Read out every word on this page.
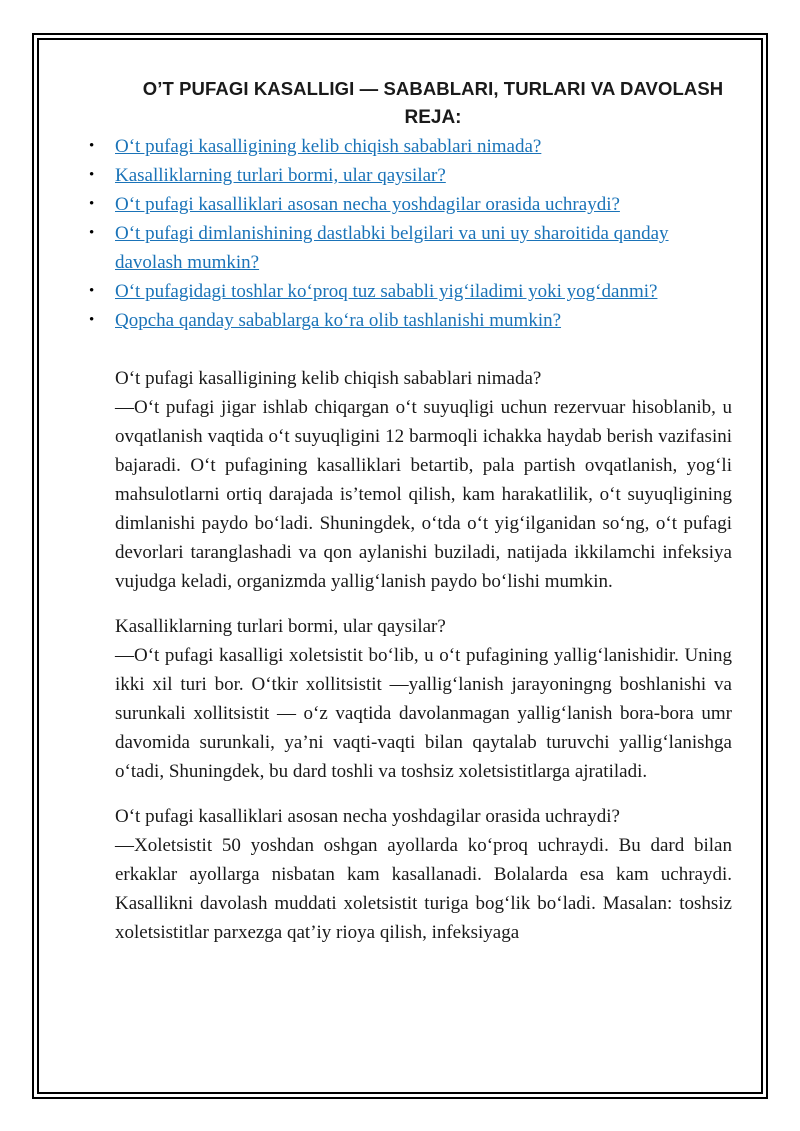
O’T PUFAGI KASALLIGI — SABABLARI, TURLARI VA DAVOLASH
REJA:
• O‘t pufagi kasalligining kelib chiqish sabablari nimada?
• Kasalliklarning turlari bormi, ular qaysilar?
• O‘t pufagi kasalliklari asosan necha yoshdagilar orasida uchraydi?
• O‘t pufagi dimlanishining dastlabki belgilari va uni uy sharoitida qanday davolash mumkin?
• O‘t pufagidagi toshlar ko‘proq tuz sababli yig‘iladimi yoki yog‘danmi?
• Qopcha qanday sabablarga ko‘ra olib tashlanishi mumkin?

O‘t pufagi kasalligining kelib chiqish sabablari nimada?

—O‘t pufagi jigar ishlab chiqargan o‘t suyuqligi uchun rezervuar hisoblanib, u ovqatlanish vaqtida o‘t suyuqligini 12 barmoqli ichakka haydab berish vazifasini bajaradi. O‘t pufagining kasalliklari betartib, pala partish ovqatlanish, yog‘li mahsulotlarni ortiq darajada is’temol qilish, kam harakatlilik, o‘t suyuqligining dimlanishi paydo bo‘ladi. Shuningdek, o‘tda o‘t yig‘ilganidan so‘ng, o‘t pufagi devorlari taranglashadi va qon aylanishi buziladi, natijada ikkilamchi infeksiya vujudga keladi, organizmda yallig‘lanish paydo bo‘lishi mumkin.

Kasalliklarning turlari bormi, ular qaysilar?

—O‘t pufagi kasalligi xoletsistit bo‘lib, u o‘t pufagining yallig‘lanishidir. Uning ikki xil turi bor. O‘tkir xollitsistit —yallig‘lanish jarayoningng boshlanishi va surunkali xollitsistit — o‘z vaqtida davolanmagan yallig‘lanish bora-bora umr davomida surunkali, ya’ni vaqti-vaqti bilan qaytalab turuvchi yallig‘lanishga o‘tadi, Shuningdek, bu dard toshli va toshsiz xoletsistitlarga ajratiladi.

O‘t pufagi kasalliklari asosan necha yoshdagilar orasida uchraydi?

—Xoletsistit 50 yoshdan oshgan ayollarda ko‘proq uchraydi. Bu dard bilan erkaklar ayollarga nisbatan kam kasallanadi. Bolalarda esa kam uchraydi. Kasallikni davolash muddati xoletsistit turiga bog‘lik bo‘ladi. Masalan: toshsiz xoletsistitlar parxezga qat’iy rioya qilish, infeksiyaga
